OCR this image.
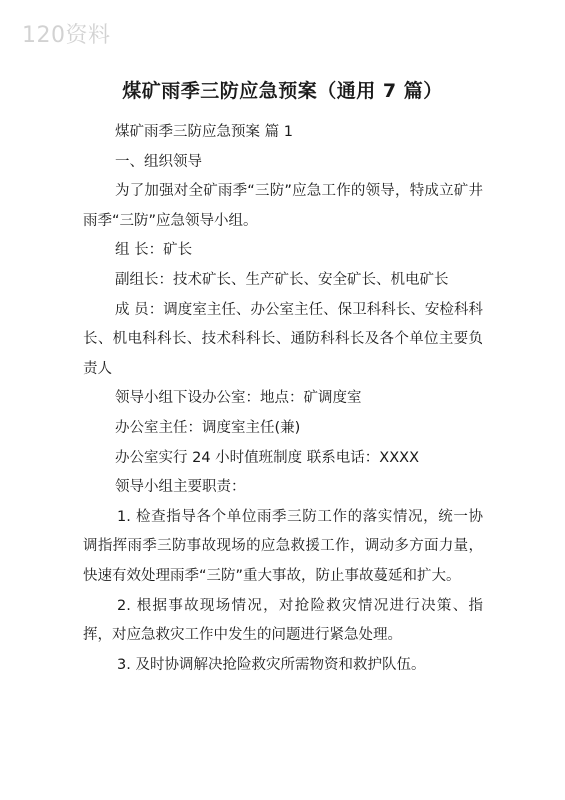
120资料
煤矿雨季三防应急预案（通用 7 篇）

煤矿雨季三防应急预案 篇 1

一、组织领导

为了加强对全矿雨季“三防”应急工作的领导，特成立矿井雨季“三防”应急领导小组。

组 长：矿长

副组长：技术矿长、生产矿长、安全矿长、机电矿长

成 员：调度室主任、办公室主任、保卫科科长、安检科科长、机电科科长、技术科科长、通防科科长及各个单位主要负责人

领导小组下设办公室：地点：矿调度室

办公室主任：调度室主任(兼)

办公室实行 24 小时值班制度 联系电话：XXXX

领导小组主要职责：

1. 检查指导各个单位雨季三防工作的落实情况，统一协调指挥雨季三防事故现场的应急救援工作，调动多方面力量，快速有效处理雨季“三防”重大事故，防止事故蔓延和扩大。

2. 根据事故现场情况，对抢险救灾情况进行决策、指挥，对应急救灾工作中发生的问题进行紧急处理。

3. 及时协调解决抢险救灾所需物资和救护队伍。
